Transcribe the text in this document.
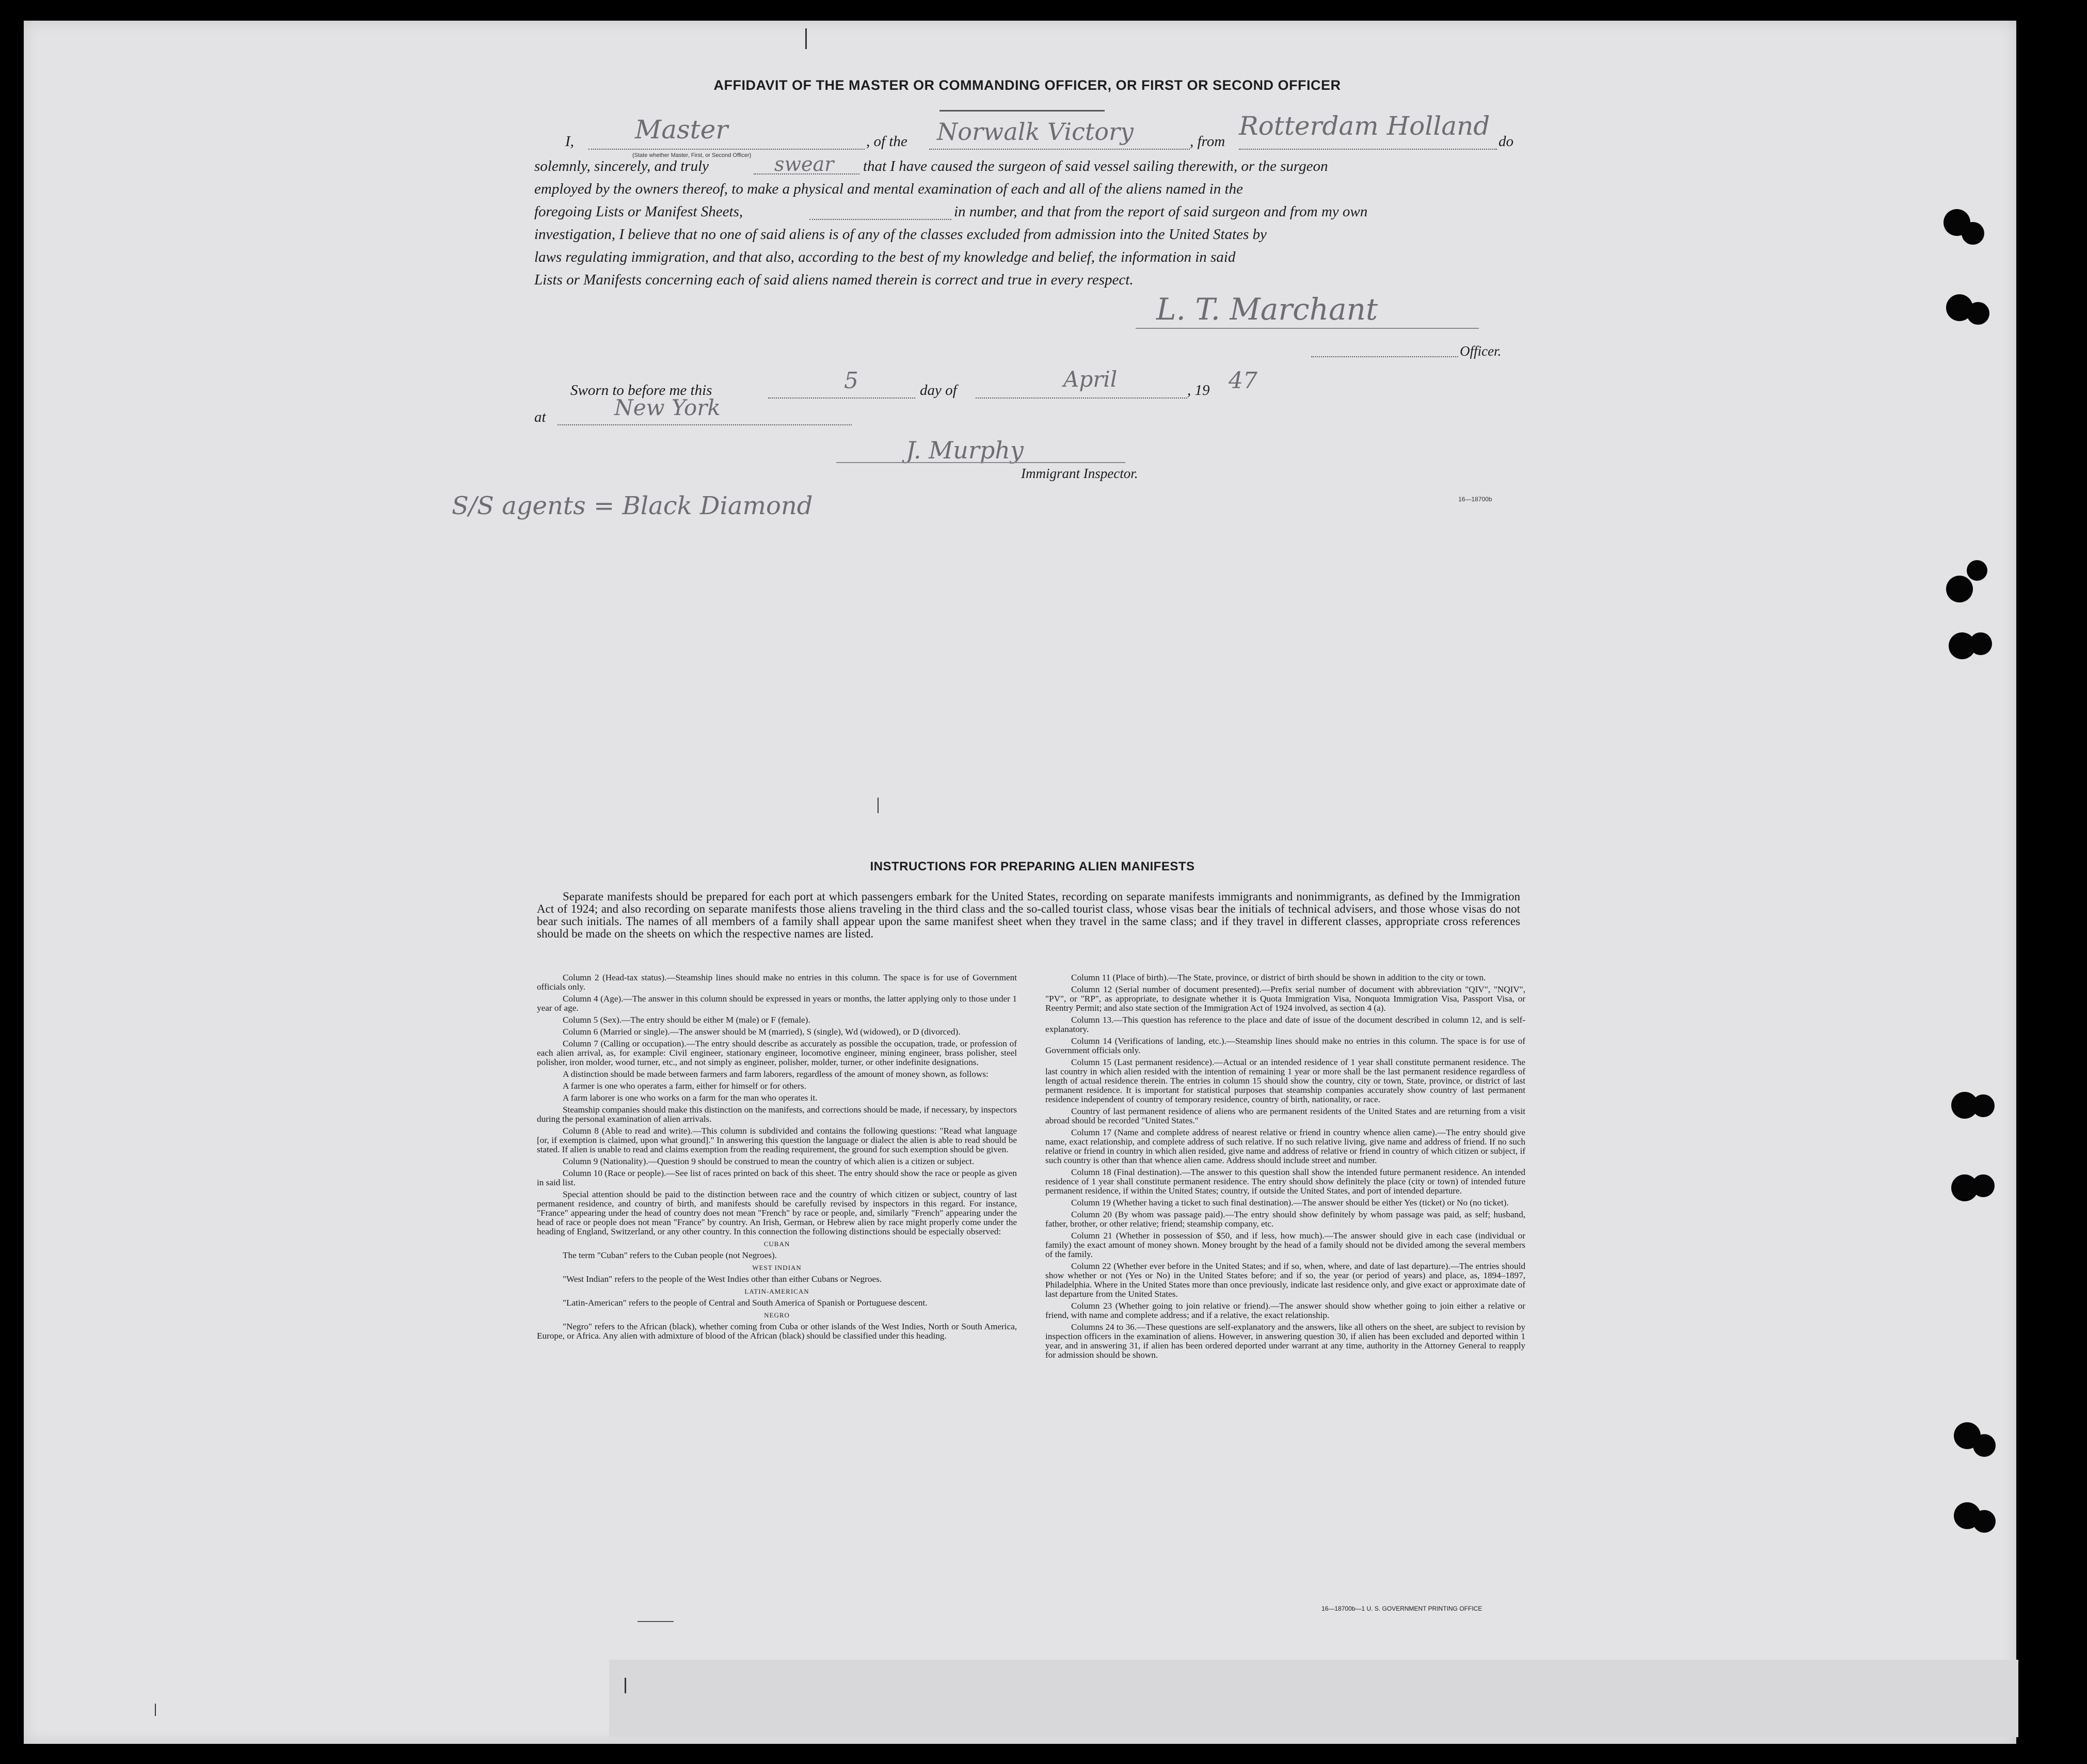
AFFIDAVIT OF THE MASTER OR COMMANDING OFFICER, OR FIRST OR SECOND OFFICER
I, Master	, of the Norwalk Victory	, from
Rotterdam Holland
do
(State whether Master, First, or Second Officer)
solemnly, sincerely, and truly	swear that I have caused the surgeon of said vessel sailing therewith, or the surgeon
employed by the owners thereof, to make a physical and mental examination of each and all of the aliens named in the
foregoing Lists or Manifest Sheets,	in number, and that from the report of said surgeon and from my own
investigation, I believe that no one of said aliens is of any of the classes excluded from admission into the United States by
laws regulating immigration, and that also, according to the best of my knowledge and belief, the information in said
Lists or Manifests concerning each of said aliens named therein is correct and true in every respect.
L. T. Marchant
Officer.
Sworn to before me this	5	day of	April	, 19 47
at	New York
J. Murphy
Immigrant Inspector.
16—18700b
S/S agents = Black Diamond
INSTRUCTIONS FOR PREPARING ALIEN MANIFESTS
Separate manifests should be prepared for each port at which passengers embark for the United States, recording on separate manifests immigrants and nonimmigrants, as defined by the Immigration Act of 1924; and also recording on separate manifests those aliens traveling in the third class and the so-called tourist class, whose visas bear the initials of technical advisers, and those whose visas do not bear such initials. The names of all members of a family shall appear upon the same manifest sheet when they travel in the same class; and if they travel in different classes, appropriate cross references should be made on the sheets on which the respective names are listed.

Column 2 (Head-tax status).—Steamship lines should make no entries in this column. The space is for use of Government officials only.

Column 4 (Age).—The answer in this column should be expressed in years or months, the latter applying only to those under 1 year of age.

Column 5 (Sex).—The entry should be either M (male) or F (female).

Column 6 (Married or single).—The answer should be M (married), S (single), Wd (widowed), or D (divorced).

Column 7 (Calling or occupation).—The entry should describe as accurately as possible the occupation, trade, or profession of each alien arrival, as, for example: Civil engineer, stationary engineer, locomotive engineer, mining engineer, brass polisher, steel polisher, iron molder, wood turner, etc., and not simply as engineer, polisher, molder, turner, or other indefinite designations.

A distinction should be made between farmers and farm laborers, regardless of the amount of money shown, as follows:

A farmer is one who operates a farm, either for himself or for others.

A farm laborer is one who works on a farm for the man who operates it.

Steamship companies should make this distinction on the manifests, and corrections should be made, if necessary, by inspectors during the personal examination of alien arrivals.

Column 8 (Able to read and write).—This column is subdivided and contains the following questions: "Read what language [or, if exemption is claimed, upon what ground]." In answering this question the language or dialect the alien is able to read should be stated. If alien is unable to read and claims exemption from the reading requirement, the ground for such exemption should be given.

Column 9 (Nationality).—Question 9 should be construed to mean the country of which alien is a citizen or subject.

Column 10 (Race or people).—See list of races printed on back of this sheet. The entry should show the race or people as given in said list.

Special attention should be paid to the distinction between race and the country of which citizen or subject, country of last permanent residence, and country of birth, and manifests should be carefully revised by inspectors in this regard. For instance, "France" appearing under the head of country does not mean "French" by race or people, and, similarly "French" appearing under the head of race or people does not mean "France" by country. An Irish, German, or Hebrew alien by race might properly come under the heading of England, Switzerland, or any other country. In this connection the following distinctions should be especially observed:

CUBAN

The term "Cuban" refers to the Cuban people (not Negroes).

WEST INDIAN

"West Indian" refers to the people of the West Indies other than either Cubans or Negroes.

LATIN-AMERICAN

"Latin-American" refers to the people of Central and South America of Spanish or Portuguese descent.

NEGRO

"Negro" refers to the African (black), whether coming from Cuba or other islands of the West Indies, North or South America, Europe, or Africa. Any alien with admixture of blood of the African (black) should be classified under this heading.

Column 11 (Place of birth).—The State, province, or district of birth should be shown in addition to the city or town.

Column 12 (Serial number of document presented).—Prefix serial number of document with abbreviation "QIV", "NQIV", "PV", or "RP", as appropriate, to designate whether it is Quota Immigration Visa, Nonquota Immigration Visa, Passport Visa, or Reentry Permit; and also state section of the Immigration Act of 1924 involved, as section 4 (a).

Column 13.—This question has reference to the place and date of issue of the document described in column 12, and is self-explanatory.

Column 14 (Verifications of landing, etc.).—Steamship lines should make no entries in this column. The space is for use of Government officials only.

Column 15 (Last permanent residence).—Actual or an intended residence of 1 year shall constitute permanent residence. The last country in which alien resided with the intention of remaining 1 year or more shall be the last permanent residence regardless of length of actual residence therein. The entries in column 15 should show the country, city or town, State, province, or district of last permanent residence. It is important for statistical purposes that steamship companies accurately show country of last permanent residence independent of country of temporary residence, country of birth, nationality, or race.

Country of last permanent residence of aliens who are permanent residents of the United States and are returning from a visit abroad should be recorded "United States."

Column 17 (Name and complete address of nearest relative or friend in country whence alien came).—The entry should give name, exact relationship, and complete address of such relative. If no such relative living, give name and address of friend. If no such relative or friend in country in which alien resided, give name and address of relative or friend in country of which citizen or subject, if such country is other than that whence alien came. Address should include street and number.

Column 18 (Final destination).—The answer to this question shall show the intended future permanent residence. An intended residence of 1 year shall constitute permanent residence. The entry should show definitely the place (city or town) of intended future permanent residence, if within the United States; country, if outside the United States, and port of intended departure.

Column 19 (Whether having a ticket to such final destination).—The answer should be either Yes (ticket) or No (no ticket).

Column 20 (By whom was passage paid).—The entry should show definitely by whom passage was paid, as self; husband, father, brother, or other relative; friend; steamship company, etc.

Column 21 (Whether in possession of $50, and if less, how much).—The answer should give in each case (individual or family) the exact amount of money shown. Money brought by the head of a family should not be divided among the several members of the family.

Column 22 (Whether ever before in the United States; and if so, when, where, and date of last departure).—The entries should show whether or not (Yes or No) in the United States before; and if so, the year (or period of years) and place, as, 1894–1897, Philadelphia. Where in the United States more than once previously, indicate last residence only, and give exact or approximate date of last departure from the United States.

Column 23 (Whether going to join relative or friend).—The answer should show whether going to join either a relative or friend, with name and complete address; and if a relative, the exact relationship.

Columns 24 to 36.—These questions are self-explanatory and the answers, like all others on the sheet, are subject to revision by inspection officers in the examination of aliens. However, in answering question 30, if alien has been excluded and deported within 1 year, and in answering 31, if alien has been ordered deported under warrant at any time, authority in the Attorney General to reapply for admission should be shown.

16—18700b—1 U. S. GOVERNMENT PRINTING OFFICE
